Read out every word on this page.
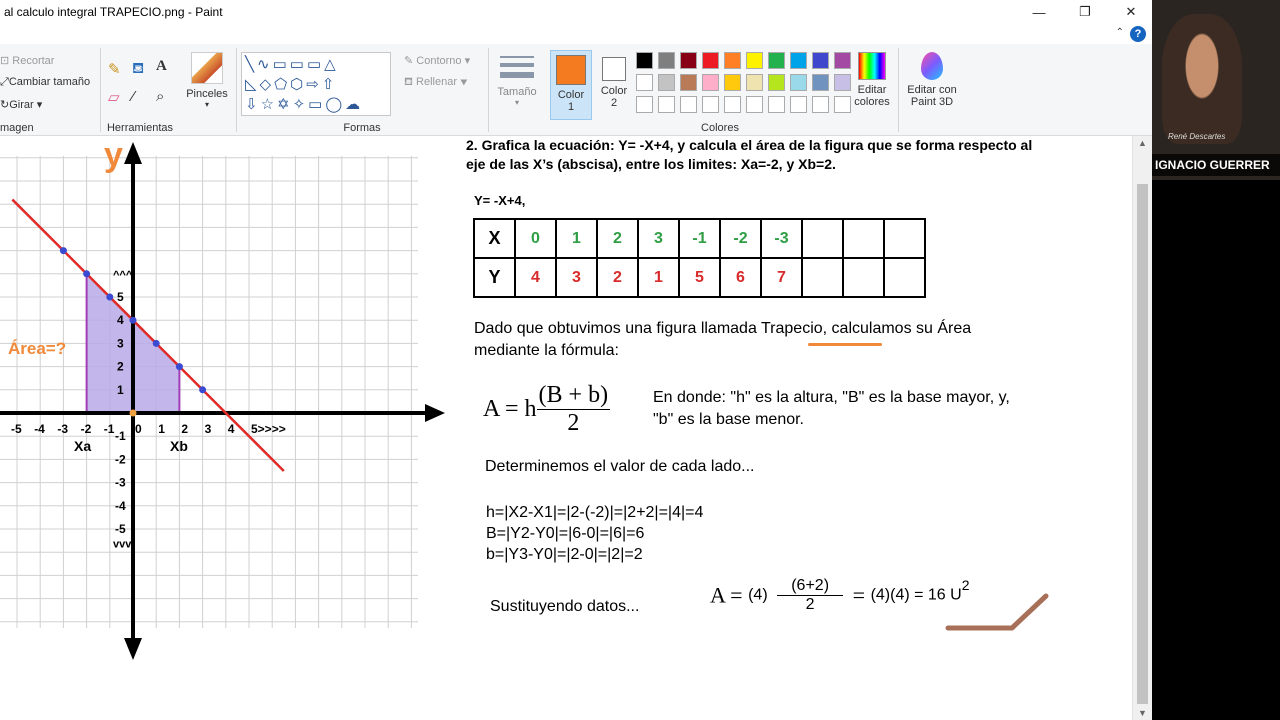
al calculo integral TRAPECIO.png - Paint	—	❐	✕
⌃ ?
⊡ Recortar
⤢Cambiar tamaño
↻Girar ▾
magen
✎ ⛾ A
▱ ⁄ ⌕
Herramientas
Pinceles
▾
╲∿▭▭▭△
◺◇⬠⬡⇨⇧
⇩☆✡✧▭◯☁
✎ Contorno ▾
⛾ Rellenar ▾
Formas
Tamaño
▾
Color
1
Color
2
Editar
colores
Colores
Editar con
Paint 3D
-5 -4 -3 -2 -1 0 1 2 3 4 5>>>>
1
2
3
4
5
-1
-2
-3
-4
-5
^^^
vvv
y
Área=?
Xa	Xb
2. Grafica la ecuación: Y= -X+4, y calcula el área de la figura que se forma respecto al
eje de las X’s (abscisa), entre los limites: Xa=-2, y Xb=2.
Y= -X+4,
X	0	1	2	3	-1	-2	-3			
Y	4	3	2	1	5	6	7			
Dado que obtuvimos una figura llamada Trapecio, calculamos su Área
mediante la fórmula:
A = h $\frac{(B + b)}{2}$	En donde: "h" es la altura, "B" es la base mayor, y,
"b" es la base menor.
Determinemos el valor de cada lado...
h=|X2-X1|=|2-(-2)|=|2+2|=|4|=4
B=|Y2-Y0|=|6-0|=|6|=6
b=|Y3-Y0|=|2-0|=|2|=2
Sustituyendo datos...	$A = (4) \frac{(6+2)}{2} = (4)(4) = 16$ $U^2$
▲
▼
René Descartes
IGNACIO GUERRER
